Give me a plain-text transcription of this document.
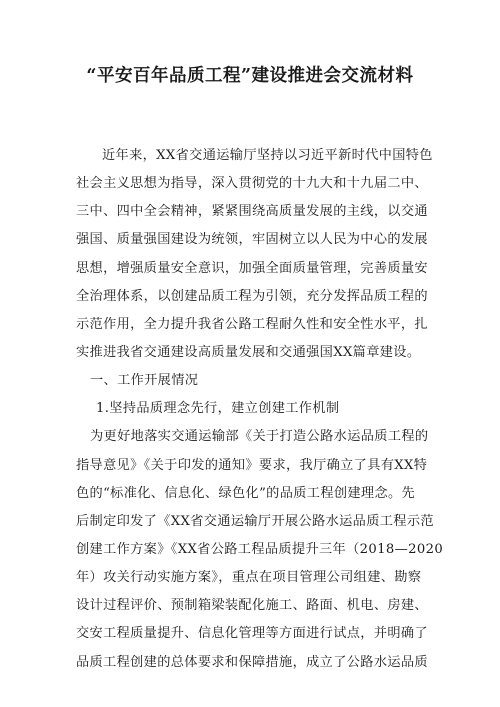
“平安百年品质工程”建设推进会交流材料
近年来，XX省交通运输厅坚持以习近平新时代中国特色
社会主义思想为指导，深入贯彻党的十九大和十九届二中、
三中、四中全会精神，紧紧围绕高质量发展的主线，以交通
强国、质量强国建设为统领，牢固树立以人民为中心的发展
思想，增强质量安全意识，加强全面质量管理，完善质量安
全治理体系，以创建品质工程为引领，充分发挥品质工程的
示范作用，全力提升我省公路工程耐久性和安全性水平，扎
实推进我省交通建设高质量发展和交通强国XX篇章建设。
一、工作开展情况
1.坚持品质理念先行，建立创建工作机制
为更好地落实交通运输部《关于打造公路水运品质工程的
指导意见》《关于印发的通知》要求，我厅确立了具有XX特
色的“标准化、信息化、绿色化”的品质工程创建理念。先
后制定印发了《XX省交通运输厅开展公路水运品质工程示范
创建工作方案》《XX省公路工程品质提升三年（2018—2020
年）攻关行动实施方案》，重点在项目管理公司组建、勘察
设计过程评价、预制箱梁装配化施工、路面、机电、房建、
交安工程质量提升、信息化管理等方面进行试点，并明确了
品质工程创建的总体要求和保障措施，成立了公路水运品质
